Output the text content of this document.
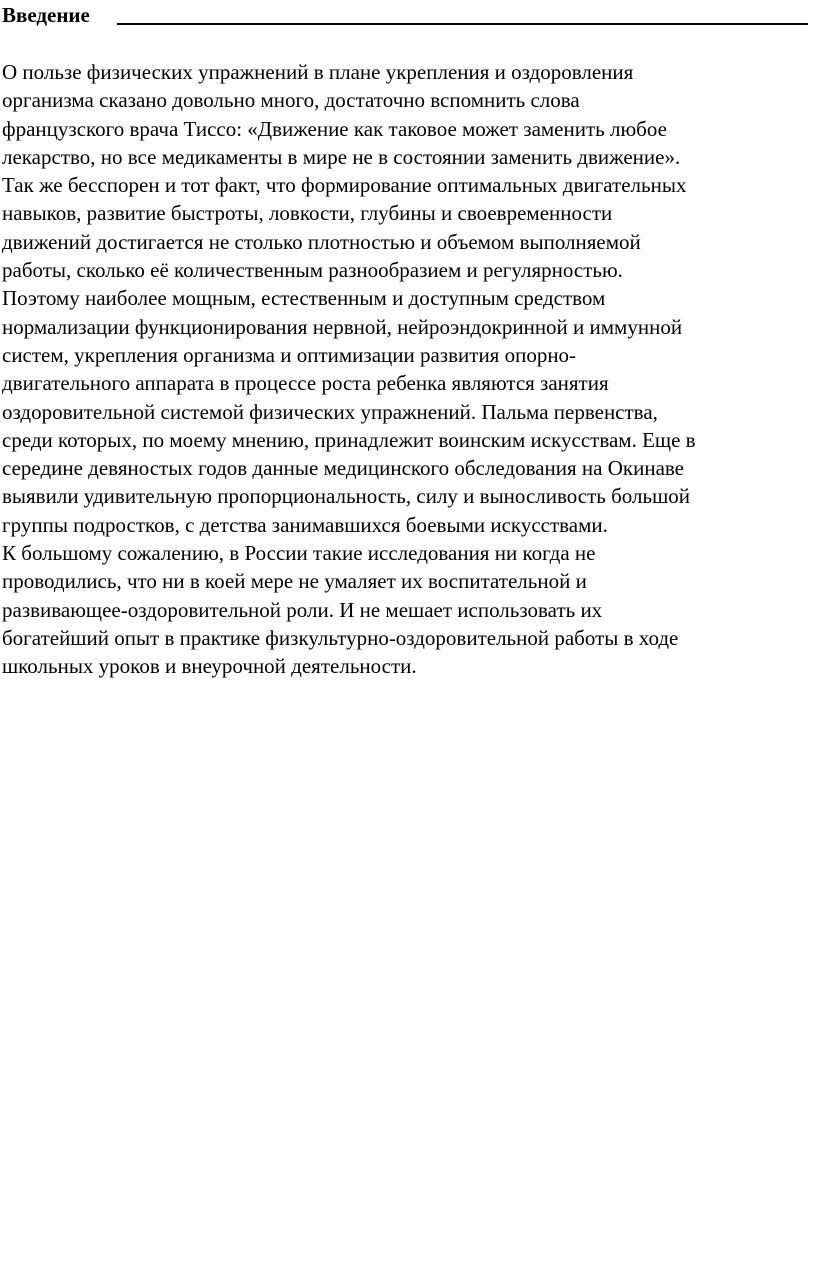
Введение

О пользе физических упражнений в плане укрепления и оздоровления
организма сказано довольно много, достаточно вспомнить слова
французского врача Тиссо: «Движение как таковое может заменить любое
лекарство, но все медикаменты в мире не в состоянии заменить движение».
Так же бесспорен и тот факт, что формирование оптимальных двигательных
навыков, развитие быстроты, ловкости, глубины и своевременности
движений достигается не столько плотностью и объемом выполняемой
работы, сколько её количественным разнообразием и регулярностью.
Поэтому наиболее мощным, естественным и доступным средством
нормализации функционирования нервной, нейроэндокринной и иммунной
систем, укрепления организма и оптимизации развития опорно-
двигательного аппарата в процессе роста ребенка являются занятия
оздоровительной системой физических упражнений. Пальма первенства,
среди которых, по моему мнению, принадлежит воинским искусствам. Еще в
середине девяностых годов данные медицинского обследования на Окинаве
выявили удивительную пропорциональность, силу и выносливость большой
группы подростков, с детства занимавшихся боевыми искусствами.
К большому сожалению, в России такие исследования ни когда не
проводились, что ни в коей мере не умаляет их воспитательной и
развивающее-оздоровительной роли. И не мешает использовать их
богатейший опыт в практике физкультурно-оздоровительной работы в ходе
школьных уроков и внеурочной деятельности.
